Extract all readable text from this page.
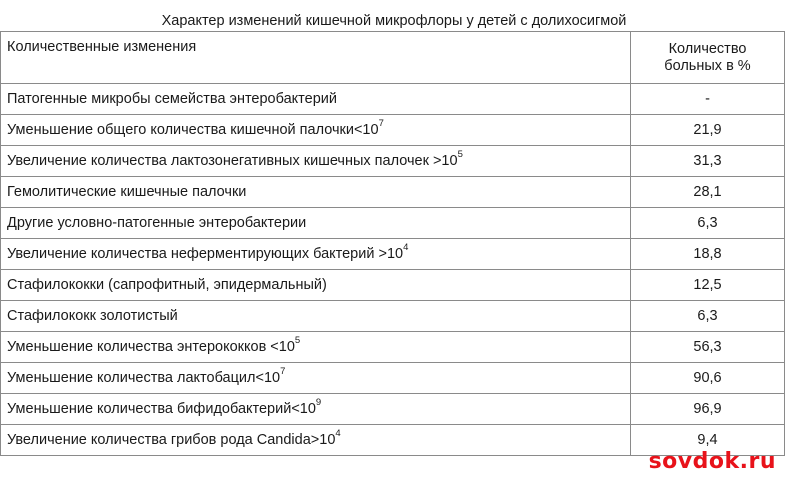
Характер изменений кишечной микрофлоры у детей с долихосигмой
Количественные изменения	Количество
больных в %
Патогенные микробы семейства энтеробактерий	-
Уменьшение общего количества кишечной $палочки<10^7$	21,9
Увеличение количества лактозонегативных кишечных палочек $>10^5$	31,3
Гемолитические кишечные палочки	28,1
Другие условно-патогенные энтеробактерии	6,3
Увеличение количества неферментирующих бактерий $>10^4$	18,8
Стафилококки (сапрофитный, эпидермальный)	12,5
Стафилококк золотистый	6,3
Уменьшение количества энтерококков $<10^5$	56,3
Уменьшение количества $лактобацил<10^7$	90,6
Уменьшение количества $бифидобактерий<10^9$	96,9
Увеличение количества грибов рода $Candida>10^4$	9,4
sovdok.ru
